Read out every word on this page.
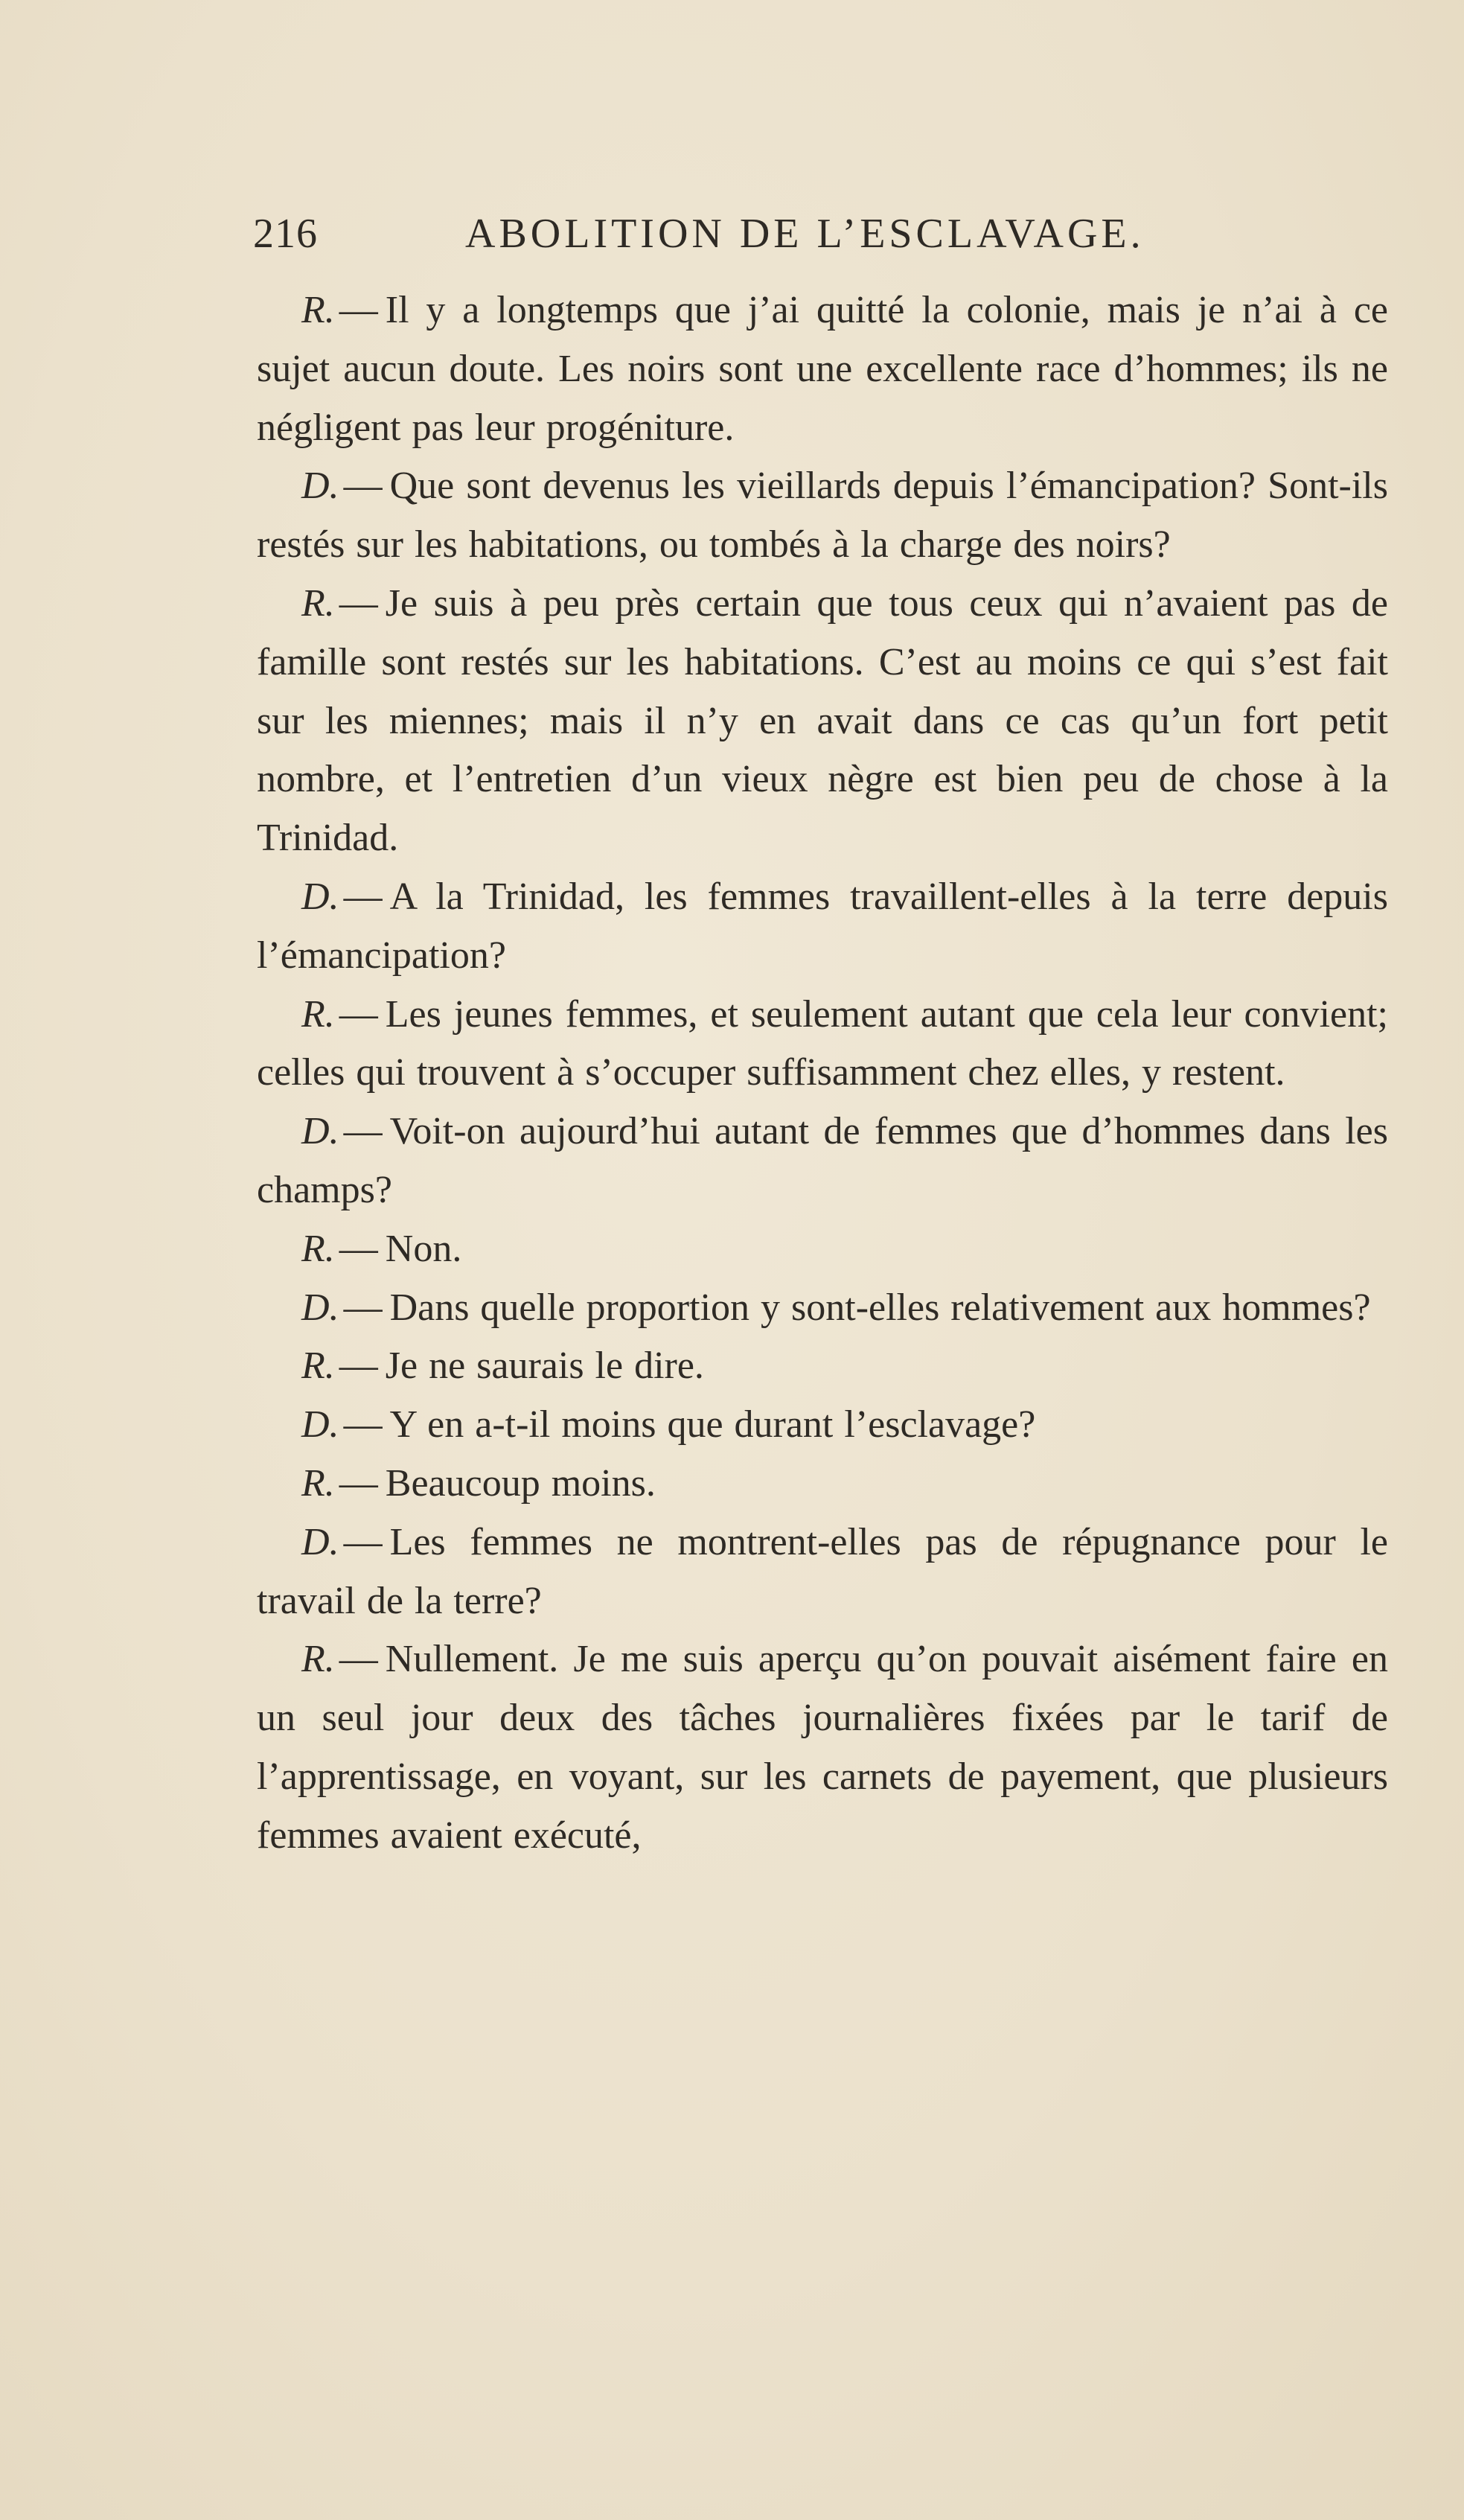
216	ABOLITION DE L’ESCLAVAGE.

R. — Il y a longtemps que j’ai quitté la colonie, mais je n’ai à ce sujet aucun doute. Les noirs sont une excellente race d’hommes; ils ne négligent pas leur progéniture.

D. — Que sont devenus les vieillards depuis l’émancipation? Sont-ils restés sur les habitations, ou tombés à la charge des noirs?

R. — Je suis à peu près certain que tous ceux qui n’avaient pas de famille sont restés sur les habitations. C’est au moins ce qui s’est fait sur les miennes; mais il n’y en avait dans ce cas qu’un fort petit nombre, et l’entretien d’un vieux nègre est bien peu de chose à la Trinidad.

D. — A la Trinidad, les femmes travaillent-elles à la terre depuis l’émancipation?

R. — Les jeunes femmes, et seulement autant que cela leur convient; celles qui trouvent à s’occuper suffisamment chez elles, y restent.

D. — Voit-on aujourd’hui autant de femmes que d’hommes dans les champs?

R. — Non.

D. — Dans quelle proportion y sont-elles relativement aux hommes?

R. — Je ne saurais le dire.

D. — Y en a-t-il moins que durant l’esclavage?

R. — Beaucoup moins.

D. — Les femmes ne montrent-elles pas de répugnance pour le travail de la terre?

R. — Nullement. Je me suis aperçu qu’on pouvait aisément faire en un seul jour deux des tâches journalières fixées par le tarif de l’apprentissage, en voyant, sur les carnets de payement, que plusieurs femmes avaient exécuté,
